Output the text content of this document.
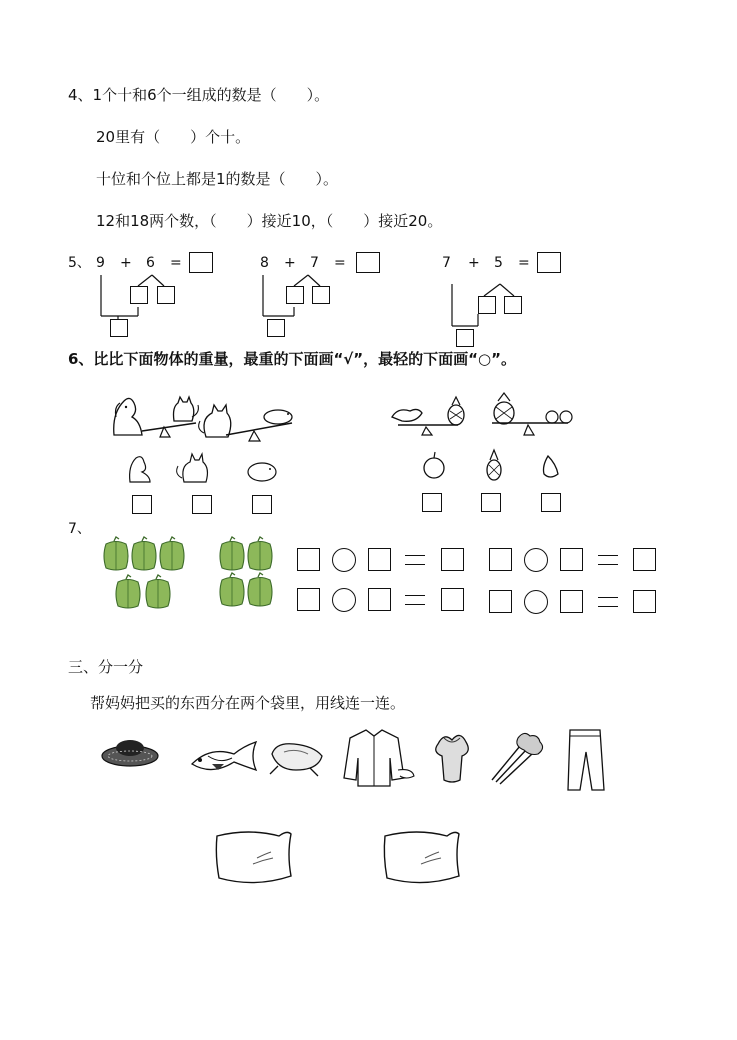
4、1个十和6个一组成的数是（　　）。
20里有（　　）个十。
十位和个位上都是1的数是（　　）。
12和18两个数，（　　）接近10，（　　）接近20。
5、 9 + 6 =	8 + 7 =	7 + 5 =
6、比比下面物体的重量，最重的下面画“√”，最轻的下面画“○”。
7、
三、分一分
帮妈妈把买的东西分在两个袋里，用线连一连。
